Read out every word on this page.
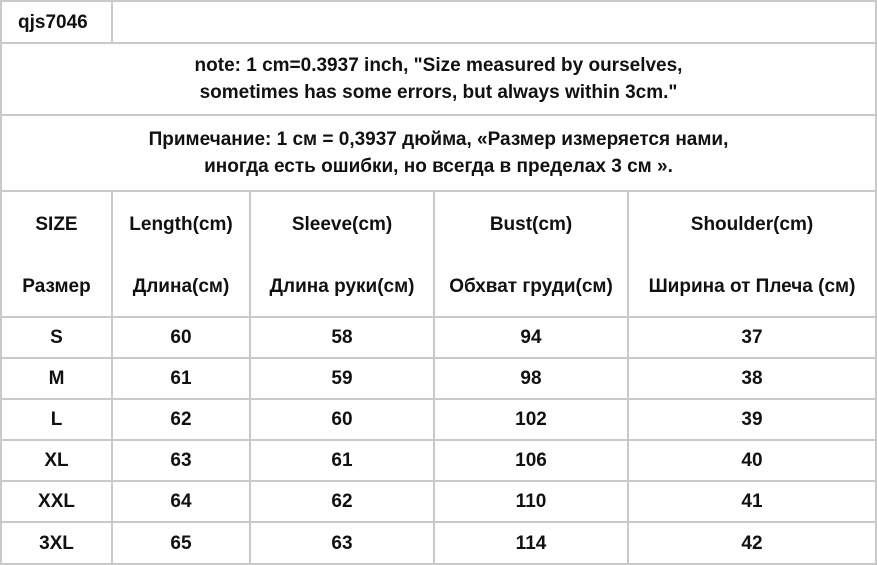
qjs7046
note: 1 cm=0.3937 inch, "Size measured by ourselves,
sometimes has some errors, but always within 3cm."
Примечание: 1 см = 0,3937 дюйма, «Размер измеряется нами,
иногда есть ошибки, но всегда в пределах 3 см ».
SIZE	Length(cm)	Sleeve(cm)	Bust(cm)	Shoulder(cm)
Размер	Длина(см)	Длина руки(см)	Обхват груди(см)	Ширина от Плеча (см)
S	60	58	94	37
M	61	59	98	38
L	62	60	102	39
XL	63	61	106	40
XXL	64	62	110	41
3XL	65	63	114	42
